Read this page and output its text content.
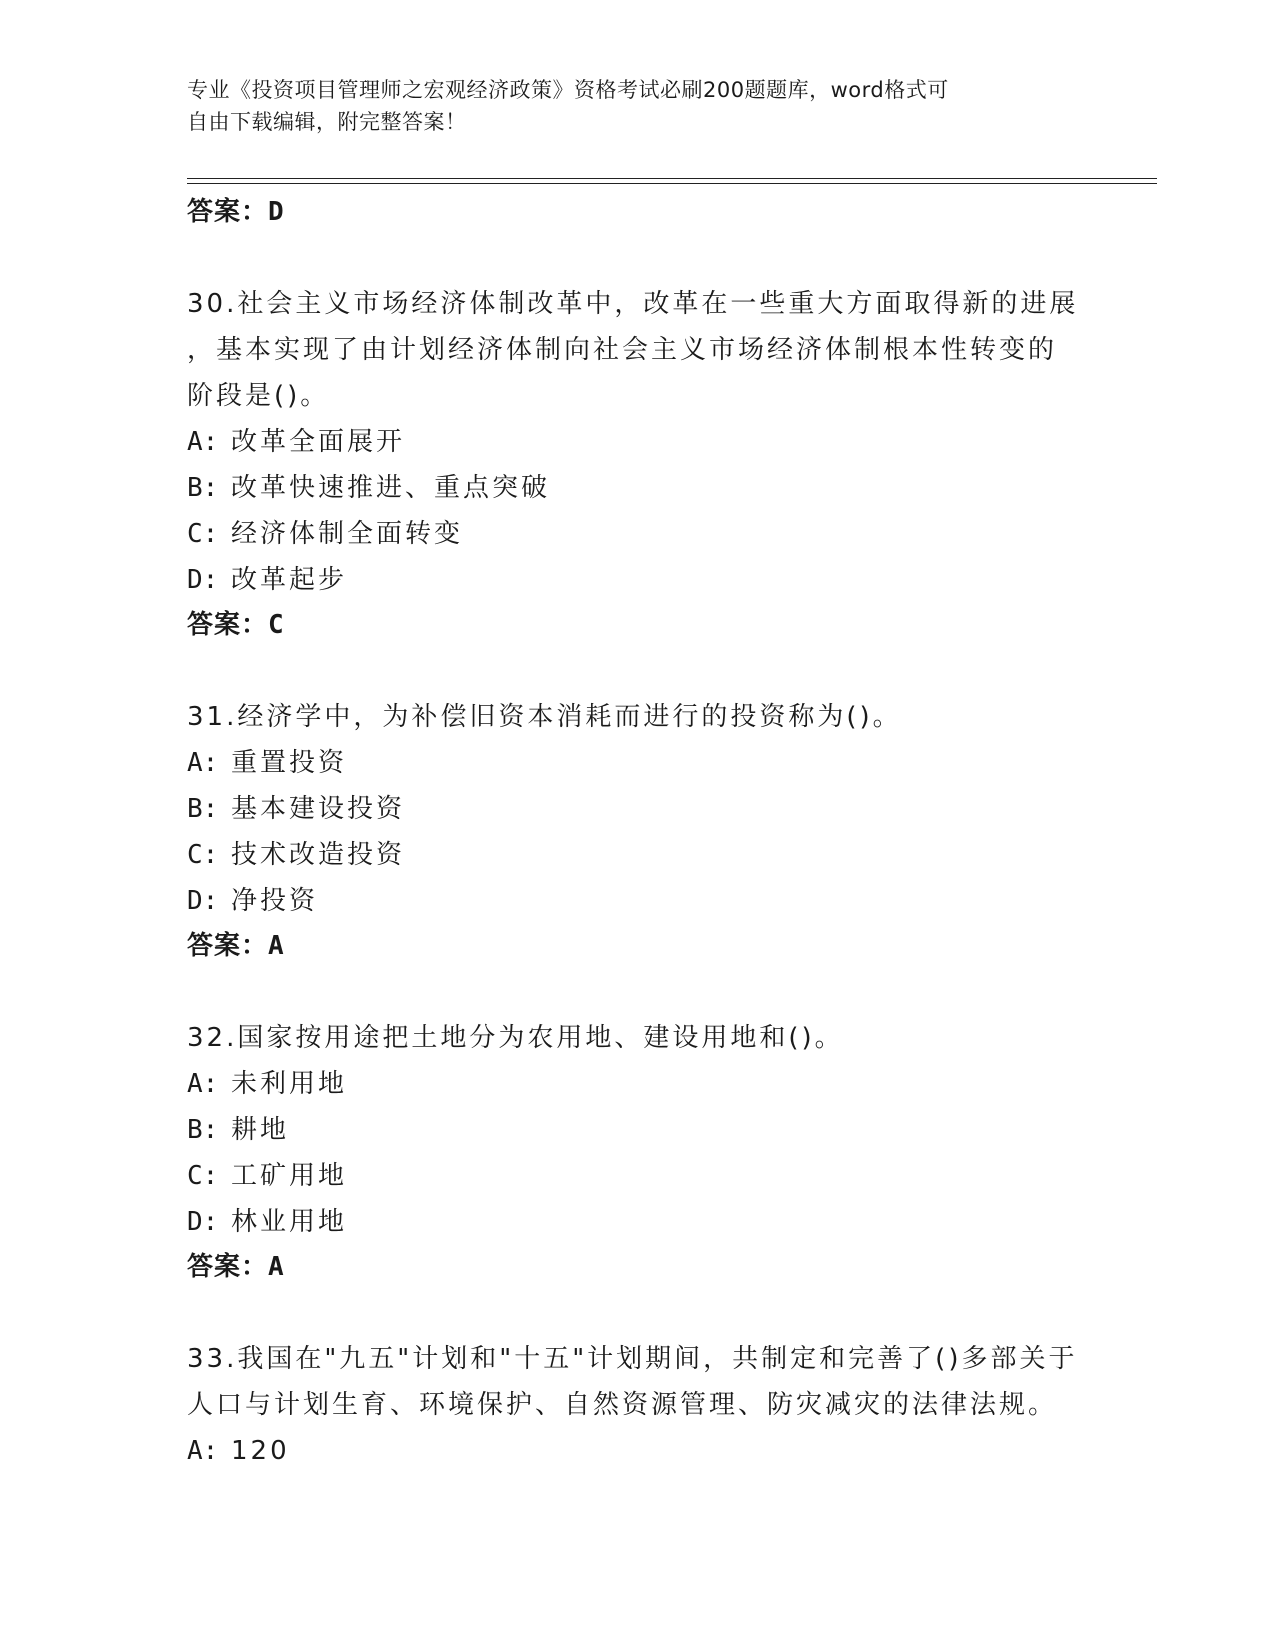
专业《投资项目管理师之宏观经济政策》资格考试必刷200题题库，word格式可
自由下载编辑，附完整答案！
答案：D
30.社会主义市场经济体制改革中，改革在一些重大方面取得新的进展
，基本实现了由计划经济体制向社会主义市场经济体制根本性转变的
阶段是()。
A: 改革全面展开
B: 改革快速推进、重点突破
C: 经济体制全面转变
D: 改革起步
答案：C
31.经济学中，为补偿旧资本消耗而进行的投资称为()。
A: 重置投资
B: 基本建设投资
C: 技术改造投资
D: 净投资
答案：A
32.国家按用途把土地分为农用地、建设用地和()。
A: 未利用地
B: 耕地
C: 工矿用地
D: 林业用地
答案：A
33.我国在"九五"计划和"十五"计划期间，共制定和完善了()多部关于
人口与计划生育、环境保护、自然资源管理、防灾减灾的法律法规。
A: 120
